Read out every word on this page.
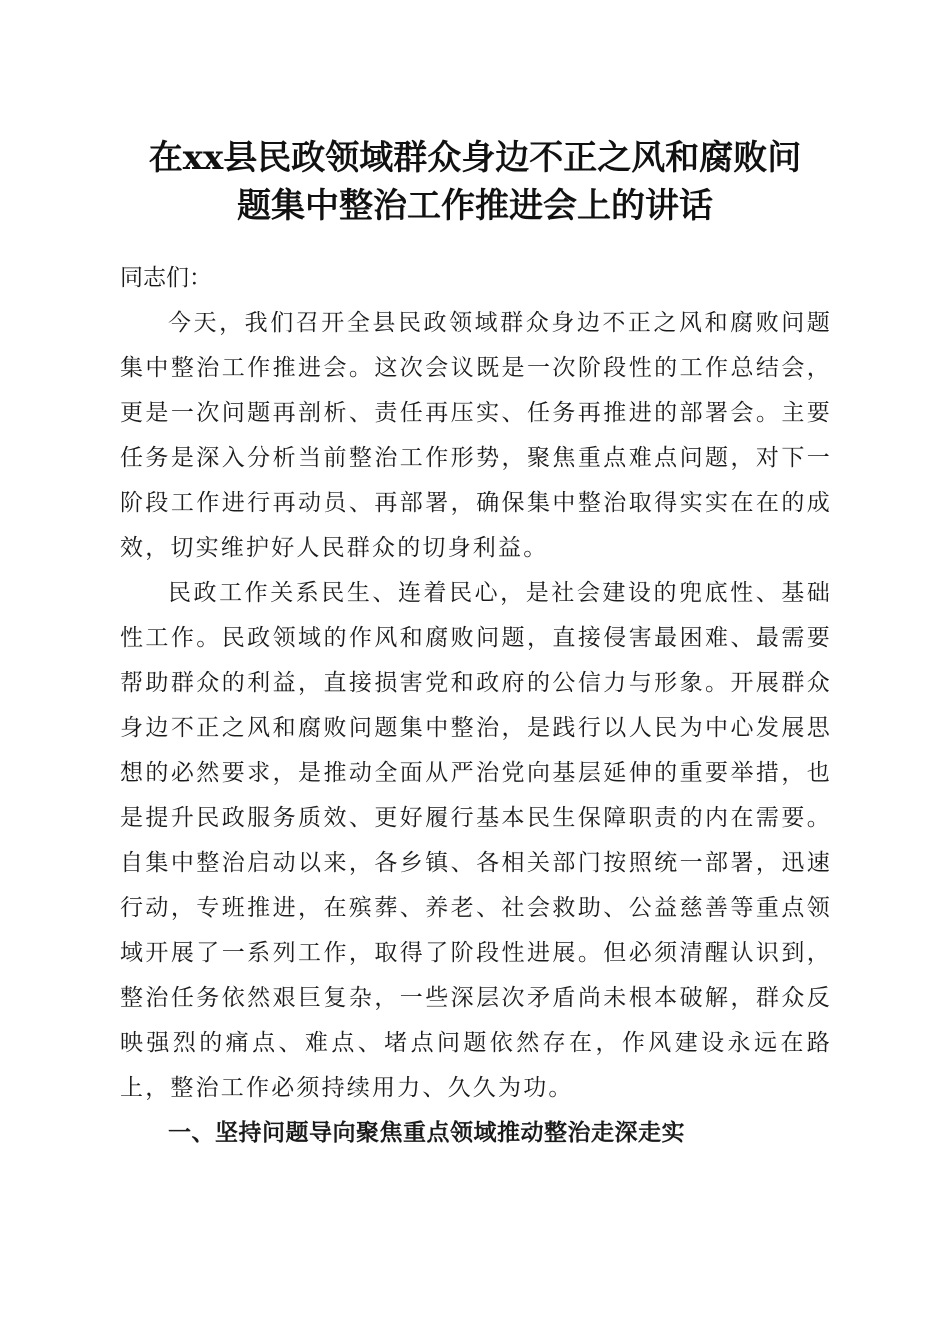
在xx县民政领域群众身边不正之风和腐败问
题集中整治工作推进会上的讲话

同志们：

今天，我们召开全县民政领域群众身边不正之风和腐败问题集中整治工作推进会。这次会议既是一次阶段性的工作总结会，更是一次问题再剖析、责任再压实、任务再推进的部署会。主要任务是深入分析当前整治工作形势，聚焦重点难点问题，对下一阶段工作进行再动员、再部署，确保集中整治取得实实在在的成效，切实维护好人民群众的切身利益。

民政工作关系民生、连着民心，是社会建设的兜底性、基础性工作。民政领域的作风和腐败问题，直接侵害最困难、最需要帮助群众的利益，直接损害党和政府的公信力与形象。开展群众身边不正之风和腐败问题集中整治，是践行以人民为中心发展思想的必然要求，是推动全面从严治党向基层延伸的重要举措，也是提升民政服务质效、更好履行基本民生保障职责的内在需要。自集中整治启动以来，各乡镇、各相关部门按照统一部署，迅速行动，专班推进，在殡葬、养老、社会救助、公益慈善等重点领域开展了一系列工作，取得了阶段性进展。但必须清醒认识到，整治任务依然艰巨复杂，一些深层次矛盾尚未根本破解，群众反映强烈的痛点、难点、堵点问题依然存在，作风建设永远在路上，整治工作必须持续用力、久久为功。

一、坚持问题导向聚焦重点领域推动整治走深走实
